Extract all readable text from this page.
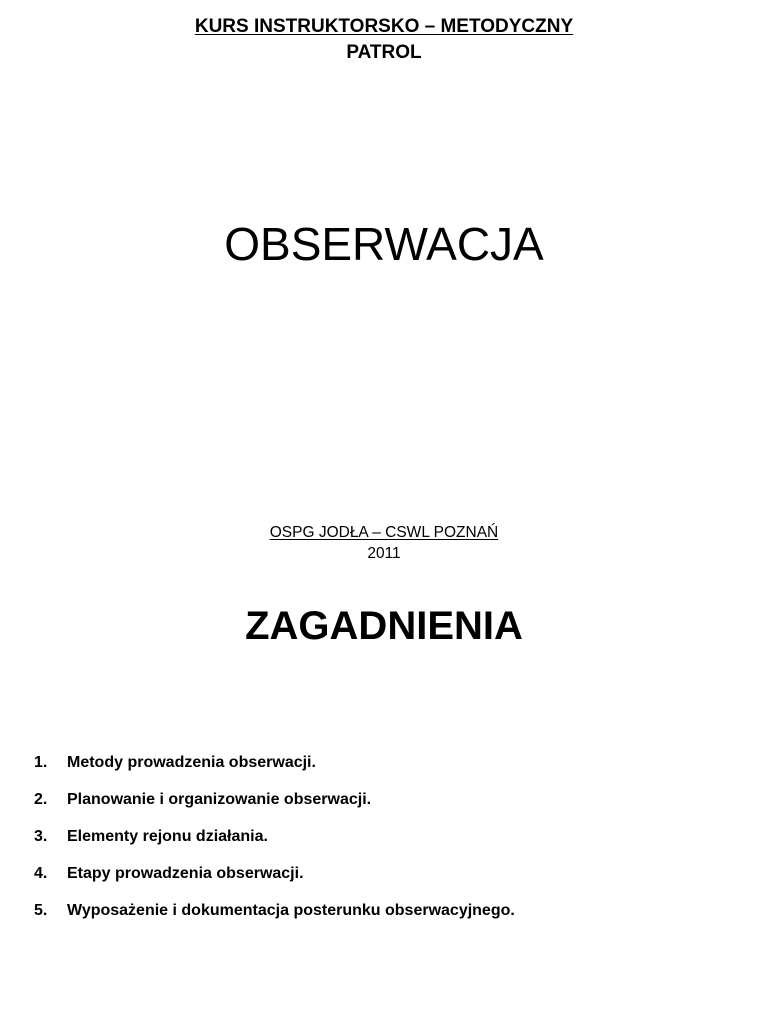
KURS INSTRUKTORSKO – METODYCZNY
PATROL
OBSERWACJA
OSPG JODŁA – CSWL POZNAŃ
2011
ZAGADNIENIA
1.	Metody prowadzenia obserwacji.
2.	Planowanie i organizowanie obserwacji.
3.	Elementy rejonu działania.
4.	Etapy prowadzenia obserwacji.
5.	Wyposażenie i dokumentacja posterunku obserwacyjnego.
